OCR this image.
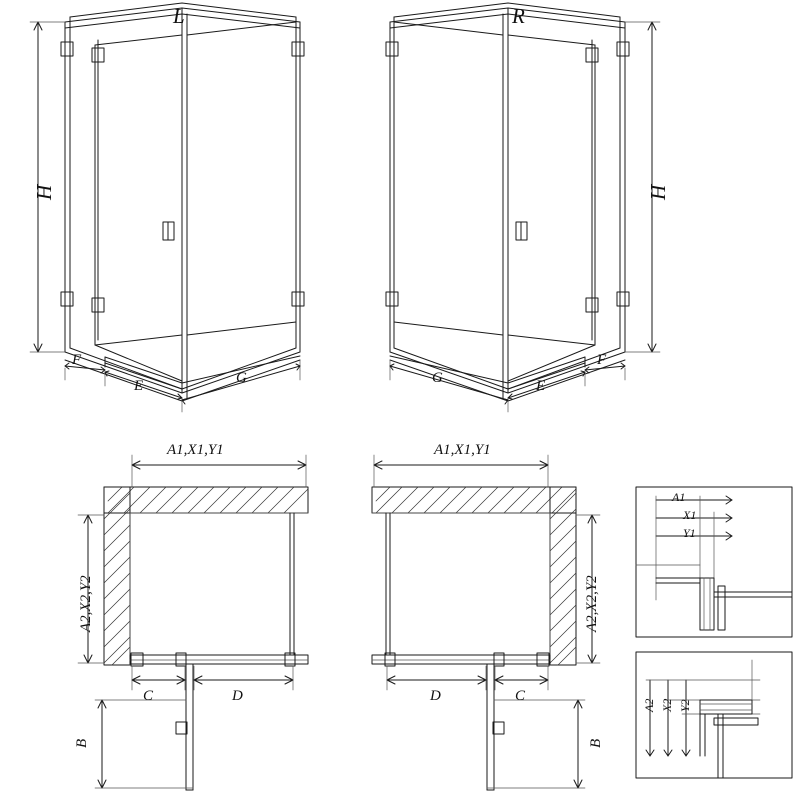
L	R
H	H
F
E	G
F
E
G
A1,X1,Y1	A1,X1,Y1
A2,X2,Y2	A2,X2,Y2
C	D	D	C
B	B
A1
X1
Y1
A2 X2 Y2
